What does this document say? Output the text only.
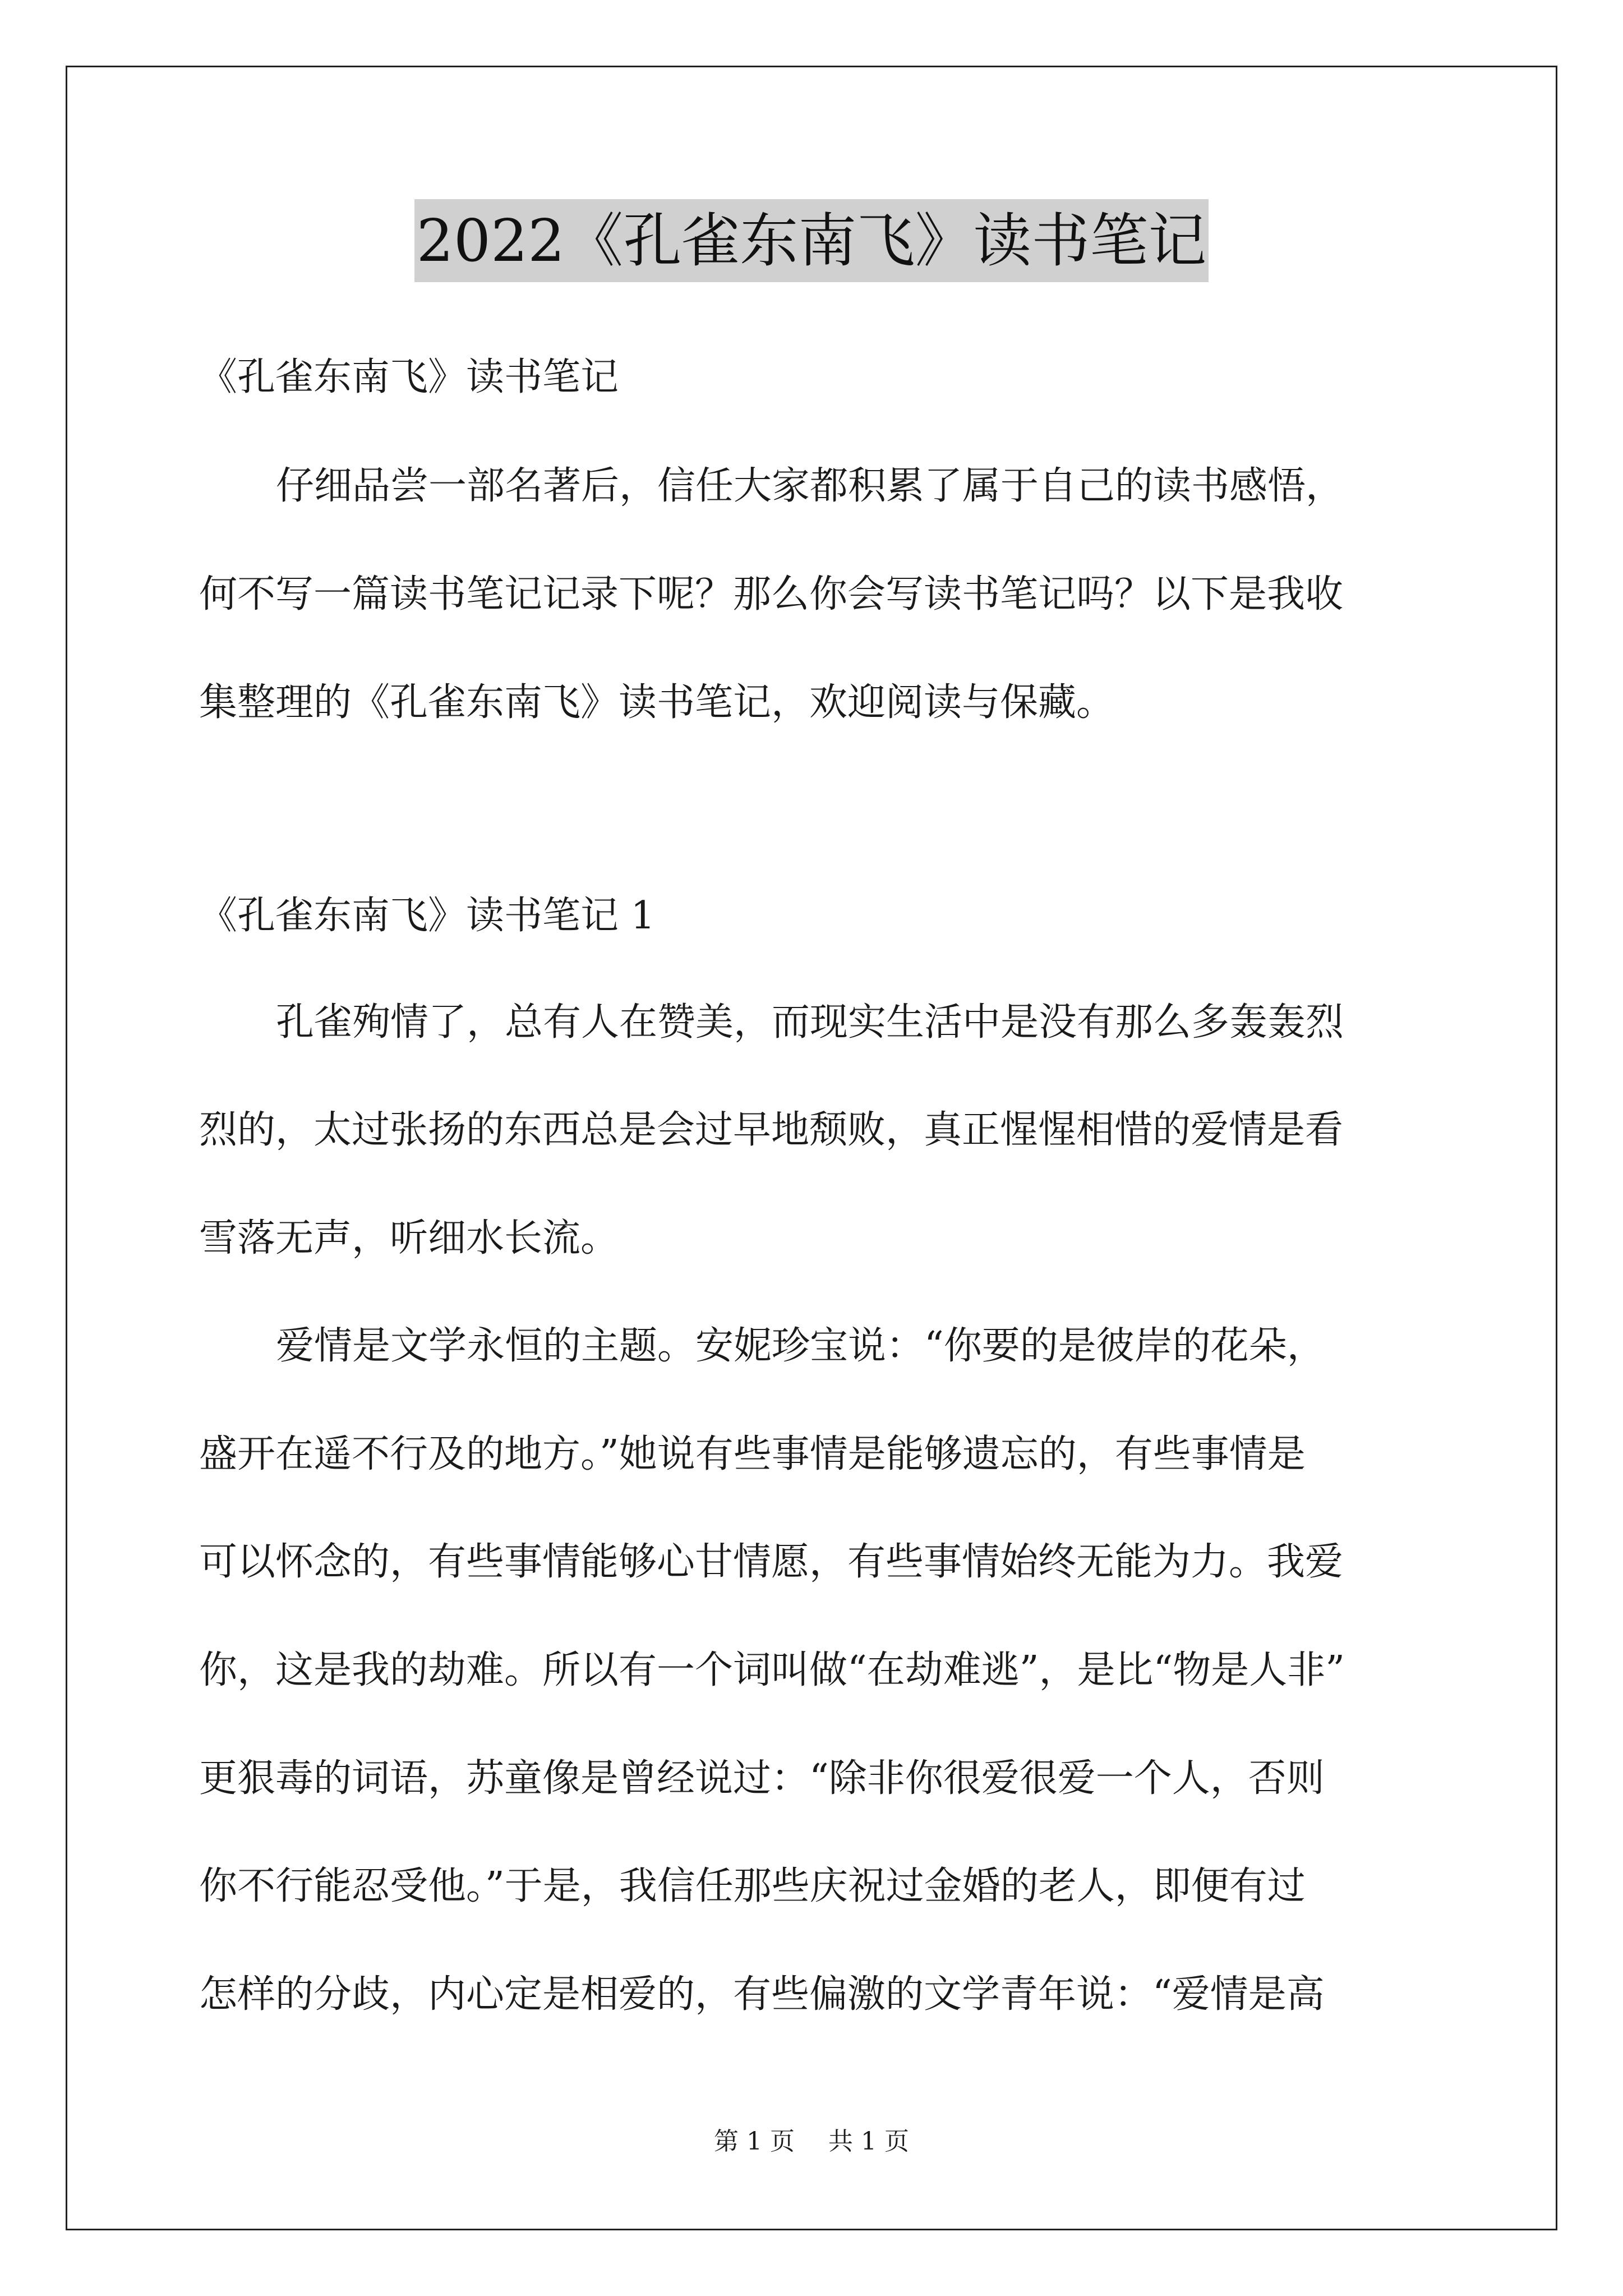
2022《孔雀东南飞》读书笔记
《孔雀东南飞》读书笔记
仔细品尝一部名著后，信任大家都积累了属于自己的读书感悟，
何不写一篇读书笔记记录下呢？那么你会写读书笔记吗？以下是我收
集整理的《孔雀东南飞》读书笔记，欢迎阅读与保藏。
《孔雀东南飞》读书笔记 1
孔雀殉情了，总有人在赞美，而现实生活中是没有那么多轰轰烈
烈的，太过张扬的东西总是会过早地颓败，真正惺惺相惜的爱情是看
雪落无声，听细水长流。
爱情是文学永恒的主题。安妮珍宝说：“你要的是彼岸的花朵，
盛开在遥不行及的地方。”她说有些事情是能够遗忘的，有些事情是
可以怀念的，有些事情能够心甘情愿，有些事情始终无能为力。我爱
你，这是我的劫难。所以有一个词叫做“在劫难逃”，是比“物是人非”
更狠毒的词语，苏童像是曾经说过：“除非你很爱很爱一个人，否则
你不行能忍受他。”于是，我信任那些庆祝过金婚的老人，即便有过
怎样的分歧，内心定是相爱的，有些偏激的文学青年说：“爱情是高
第 1 页 共 1 页
